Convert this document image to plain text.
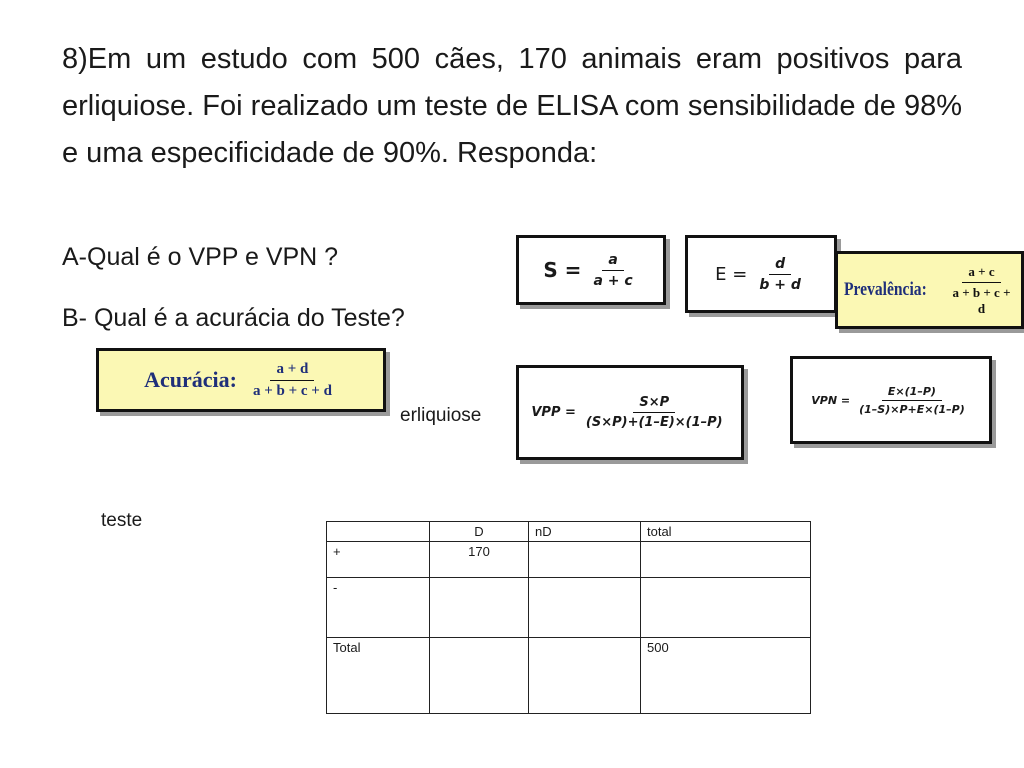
8)Em um estudo com 500 cães, 170 animais eram positivos para erliquiose. Foi realizado um teste de ELISA com sensibilidade de 98% e uma especificidade de 90%. Responda:
A-Qual é o VPP e VPN ?
B- Qual é a acurácia do Teste?
$S = \frac{a}{a + c}$	$E = \frac{d}{b + d}$ Prevalência: $\frac{a + c}{a + b + c + d}$
Acurácia: $\frac{a + d}{a + b + c + d}$
erliquiose	VPP = $\frac{S\times P}{(S\times P)+(1-E)\times(1-P)}$	VPN = $\frac{E\times(1-P)}{(1-S)\times P+E\times(1-P)}$
teste
	D	nD	total
+	170		
-			
Total			500
